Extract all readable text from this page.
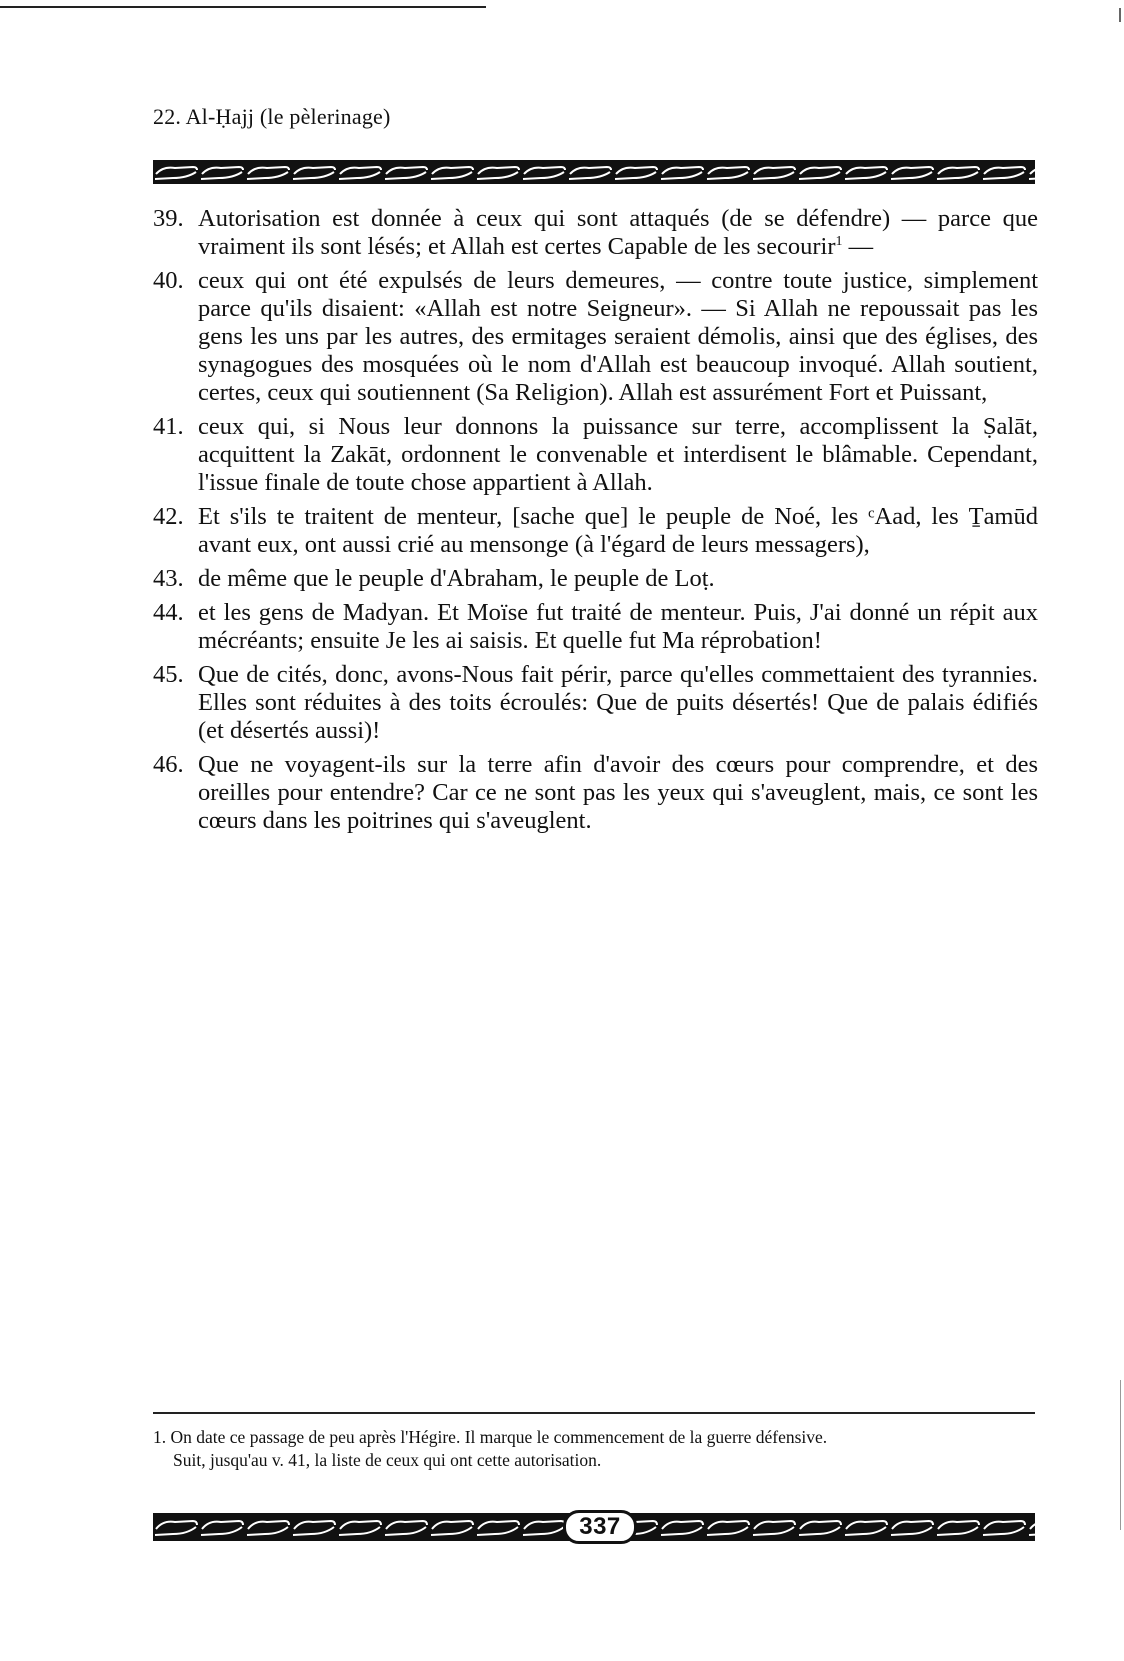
22. Al-Ḥajj (le pèlerinage)
39. Autorisation est donnée à ceux qui sont attaqués (de se défendre) — parce que vraiment ils sont lésés; et Allah est certes Capable de les secourir$^1$ —
40. ceux qui ont été expulsés de leurs demeures, — contre toute justice, simplement parce qu'ils disaient: «Allah est notre Seigneur». — Si Allah ne repoussait pas les gens les uns par les autres, des ermitages seraient démolis, ainsi que des églises, des synagogues des mosquées où le nom d'Allah est beaucoup invoqué. Allah soutient, certes, ceux qui soutiennent (Sa Religion). Allah est assurément Fort et Puissant,
41. ceux qui, si Nous leur donnons la puissance sur terre, accomplissent la Ṣalāt, acquittent la Zakāt, ordonnent le convenable et interdisent le blâmable. Cependant, l'issue finale de toute chose appartient à Allah.
42. Et s'ils te traitent de menteur, [sache que] le peuple de Noé, les ᶜAad, les Ṯamūd avant eux, ont aussi crié au mensonge (à l'égard de leurs messagers),
43. de même que le peuple d'Abraham, le peuple de Loṭ.
44. et les gens de Madyan. Et Moïse fut traité de menteur. Puis, J'ai donné un répit aux mécréants; ensuite Je les ai saisis. Et quelle fut Ma réprobation!
45. Que de cités, donc, avons-Nous fait périr, parce qu'elles commettaient des tyrannies. Elles sont réduites à des toits écroulés: Que de puits désertés! Que de palais édifiés (et désertés aussi)!
46. Que ne voyagent-ils sur la terre afin d'avoir des cœurs pour comprendre, et des oreilles pour entendre? Car ce ne sont pas les yeux qui s'aveuglent, mais, ce sont les cœurs dans les poitrines qui s'aveuglent.
1. On date ce passage de peu après l'Hégire. Il marque le commencement de la guerre défensive.
Suit, jusqu'au v. 41, la liste de ceux qui ont cette autorisation.
337
